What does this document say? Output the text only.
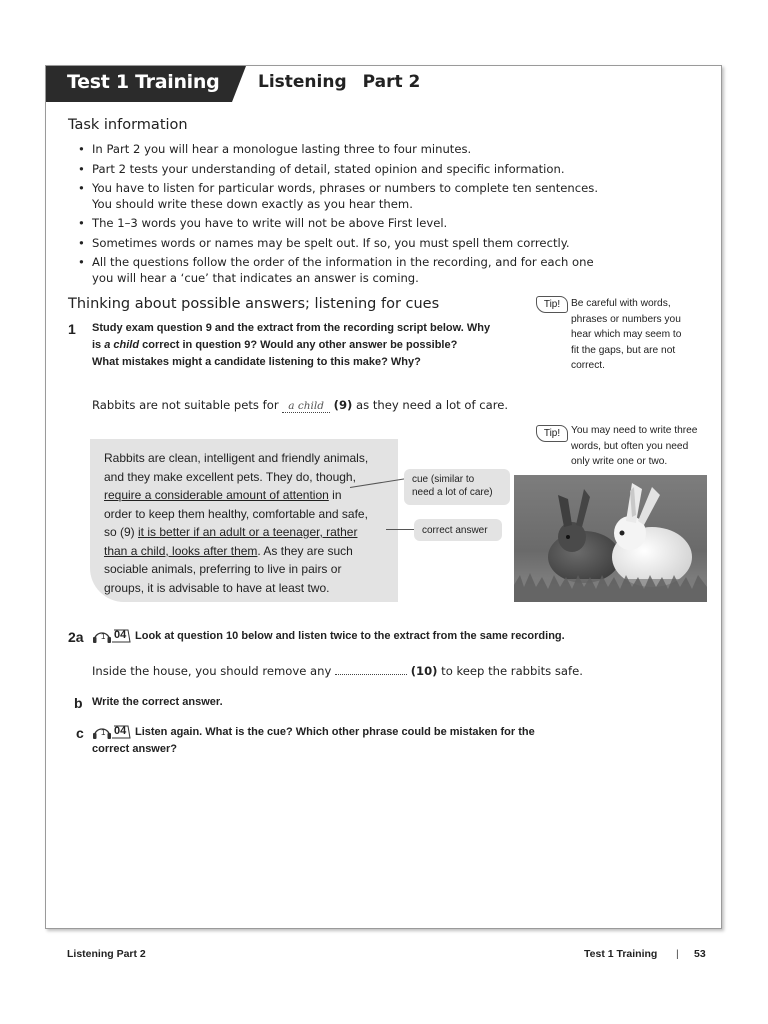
Test 1 Training Listening Part 2
Task information
• In Part 2 you will hear a monologue lasting three to four minutes.
• Part 2 tests your understanding of detail, stated opinion and specific information.
• You have to listen for particular words, phrases or numbers to complete ten sentences. You should write these down exactly as you hear them.
• The 1–3 words you have to write will not be above First level.
• Sometimes words or names may be spelt out. If so, you must spell them correctly.
• All the questions follow the order of the information in the recording, and for each one you will hear a ‘cue’ that indicates an answer is coming.
Thinking about possible answers; listening for cues
1 Study exam question 9 and the extract from the recording script below. Why
is a child correct in question 9? Would any other answer be possible?
What mistakes might a candidate listening to this make? Why?
Tip!	Be careful with words,
phrases or numbers you
hear which may seem to
fit the gaps, but are not
correct.
Rabbits are not suitable pets for a child (9) as they need a lot of care.
Tip!	You may need to write three
words, but often you need
only write one or two.
Rabbits are clean, intelligent and friendly animals,
and they make excellent pets. They do, though,
require a considerable amount of attention in
order to keep them healthy, comfortable and safe,
so (9) it is better if an adult or a teenager, rather
than a child, looks after them. As they are such
sociable animals, preferring to live in pairs or
groups, it is advisable to have at least two.
cue (similar to
need a lot of care)
correct answer
2a 1 04 Look at question 10 below and listen twice to the extract from the same recording.
Inside the house, you should remove any	(10) to keep the rabbits safe.
b Write the correct answer.
c 1 04 Listen again. What is the cue? Which other phrase could be mistaken for the
correct answer?
Listening Part 2	Test 1 Training | 53
